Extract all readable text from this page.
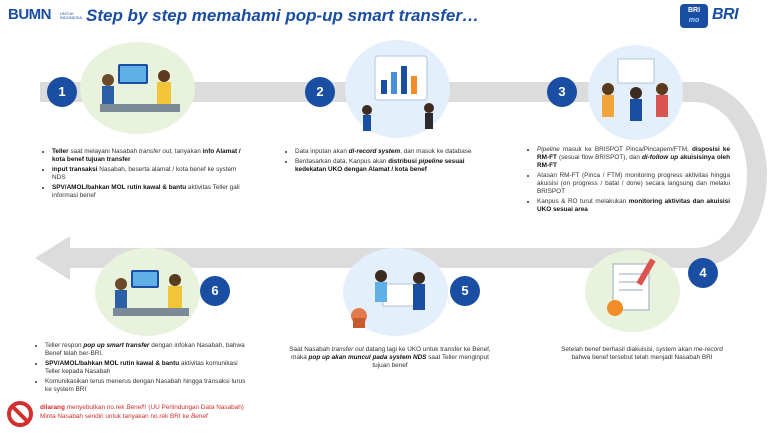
BUMN UNTUK INDONESIA Step by step memahami pop-up smart transfer…	BRI
mo BRI
1	2	3
4
5
6
• Teller saat melayani Nasabah transfer out, tanyakan info Alamat / kota benef tujuan transfer
• input transaksi Nasabah, beserta alamat / kota benef ke system NDS
• SPV/AMOL/bahkan MOL rutin kawal & bantu aktivitas Teller gali informasi benef
• Data inputan akan di-record system, dan masuk ke database
• Berdasarkan data, Kanpus akan distribusi pipeline sesuai kedekatan UKO dengan Alamat / kota benef
• Pipeline masuk ke BRISPOT Pinca/Pincapem/FTM, disposisi ke RM-FT (sesuai flow BRISPOT), dan di-follow up akuisisinya oleh RM-FT
• Atasan RM-FT (Pinca / FTM) monitoring progress aktivitas hingga akuisisi (on progress / batal / done) secara langsung dan melalui BRISPOT
• Kanpus & RO turut melakukan monitoring aktivitas dan akuisisi UKO sesuai area
Setelah benef berhasil diakuisisi, system akan me-record bahwa benef tersebut telah menjadi Nasabah BRI
Saat Nasabah transfer out datang lagi ke UKO untuk transfer ke Benef, maka pop up akan muncul pada system NDS saat Teller menginput tujuan benef
• Teller respon pop up smart transfer dengan infokan Nasabah, bahwa Benef telah ber-BRI.
• SPV/AMOL/bahkan MOL rutin kawal & bantu aktivitas komunikasi Teller kepada Nasabah
• Komunikasikan terus menerus dengan Nasabah hingga transaksi lurus ke system BRI
dilarang menyebutkan no.rek Benef!! (UU Perlindungan Data Nasabah)
Minta Nasabah sendiri untuk tanyakan no.rek BRI ke Benef
